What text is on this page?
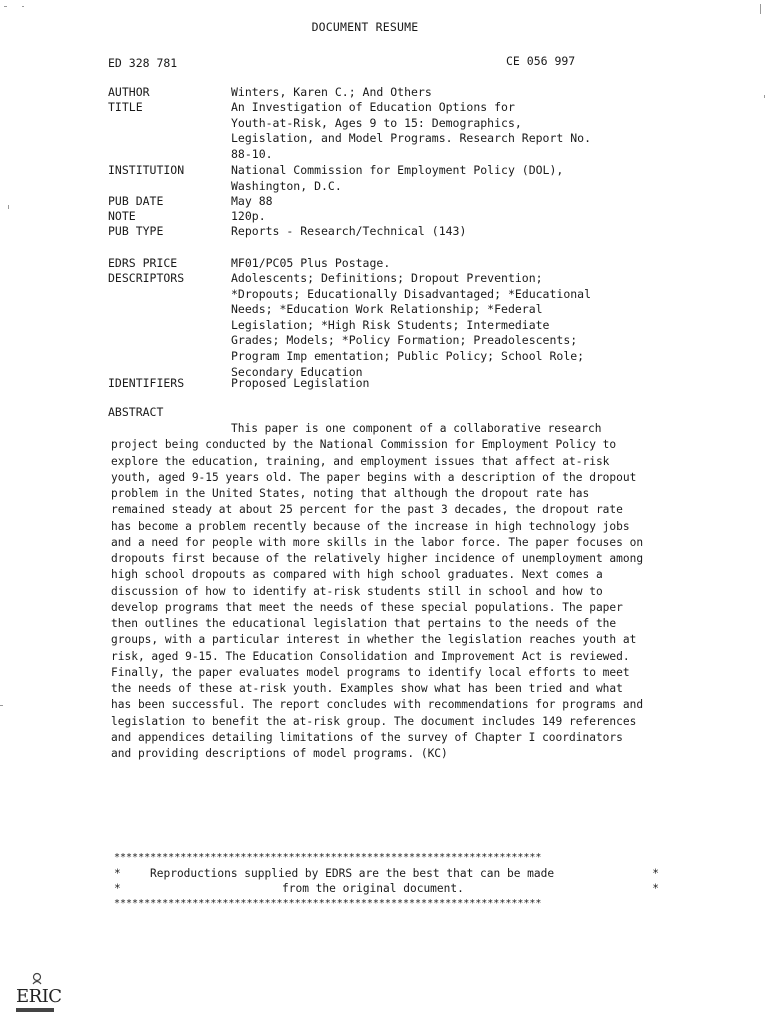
DOCUMENT RESUME
ED 328 781	CE 056 997
AUTHOR	Winters, Karen C.; And Others
TITLE	An Investigation of Education Options for
Youth-at-Risk, Ages 9 to 15: Demographics,
Legislation, and Model Programs. Research Report No.
88-10.
INSTITUTION	National Commission for Employment Policy (DOL),
Washington, D.C.
PUB DATE	May 88
NOTE	120p.
PUB TYPE	Reports - Research/Technical (143)
EDRS PRICE	MF01/PC05 Plus Postage.
DESCRIPTORS	Adolescents; Definitions; Dropout Prevention;
*Dropouts; Educationally Disadvantaged; *Educational
Needs; *Education Work Relationship; *Federal
Legislation; *High Risk Students; Intermediate
Grades; Models; *Policy Formation; Preadolescents;
Program Imp ementation; Public Policy; School Role;
Secondary Education
IDENTIFIERS	Proposed Legislation
ABSTRACT
This paper is one component of a collaborative research project being conducted by the National Commission for Employment Policy to explore the education, training, and employment issues that affect at-risk youth, aged 9-15 years old. The paper begins with a description of the dropout problem in the United States, noting that although the dropout rate has remained steady at about 25 percent for the past 3 decades, the dropout rate has become a problem recently because of the increase in high technology jobs and a need for people with more skills in the labor force. The paper focuses on dropouts first because of the relatively higher incidence of unemployment among high school dropouts as compared with high school graduates. Next comes a discussion of how to identify at-risk students still in school and how to develop programs that meet the needs of these special populations. The paper then outlines the educational legislation that pertains to the needs of the groups, with a particular interest in whether the legislation reaches youth at risk, aged 9-15. The Education Consolidation and Improvement Act is reviewed. Finally, the paper evaluates model programs to identify local efforts to meet the needs of these at-risk youth. Examples show what has been tried and what has been successful. The report concludes with recommendations for programs and legislation to benefit the at-risk group. The document includes 149 references and appendices detailing limitations of the survey of Chapter I coordinators and providing descriptions of model programs. (KC)
***********************************************************************
*	Reproductions supplied by EDRS are the best that can be made	*
*	from the original document.	*
***********************************************************************
ERIC
